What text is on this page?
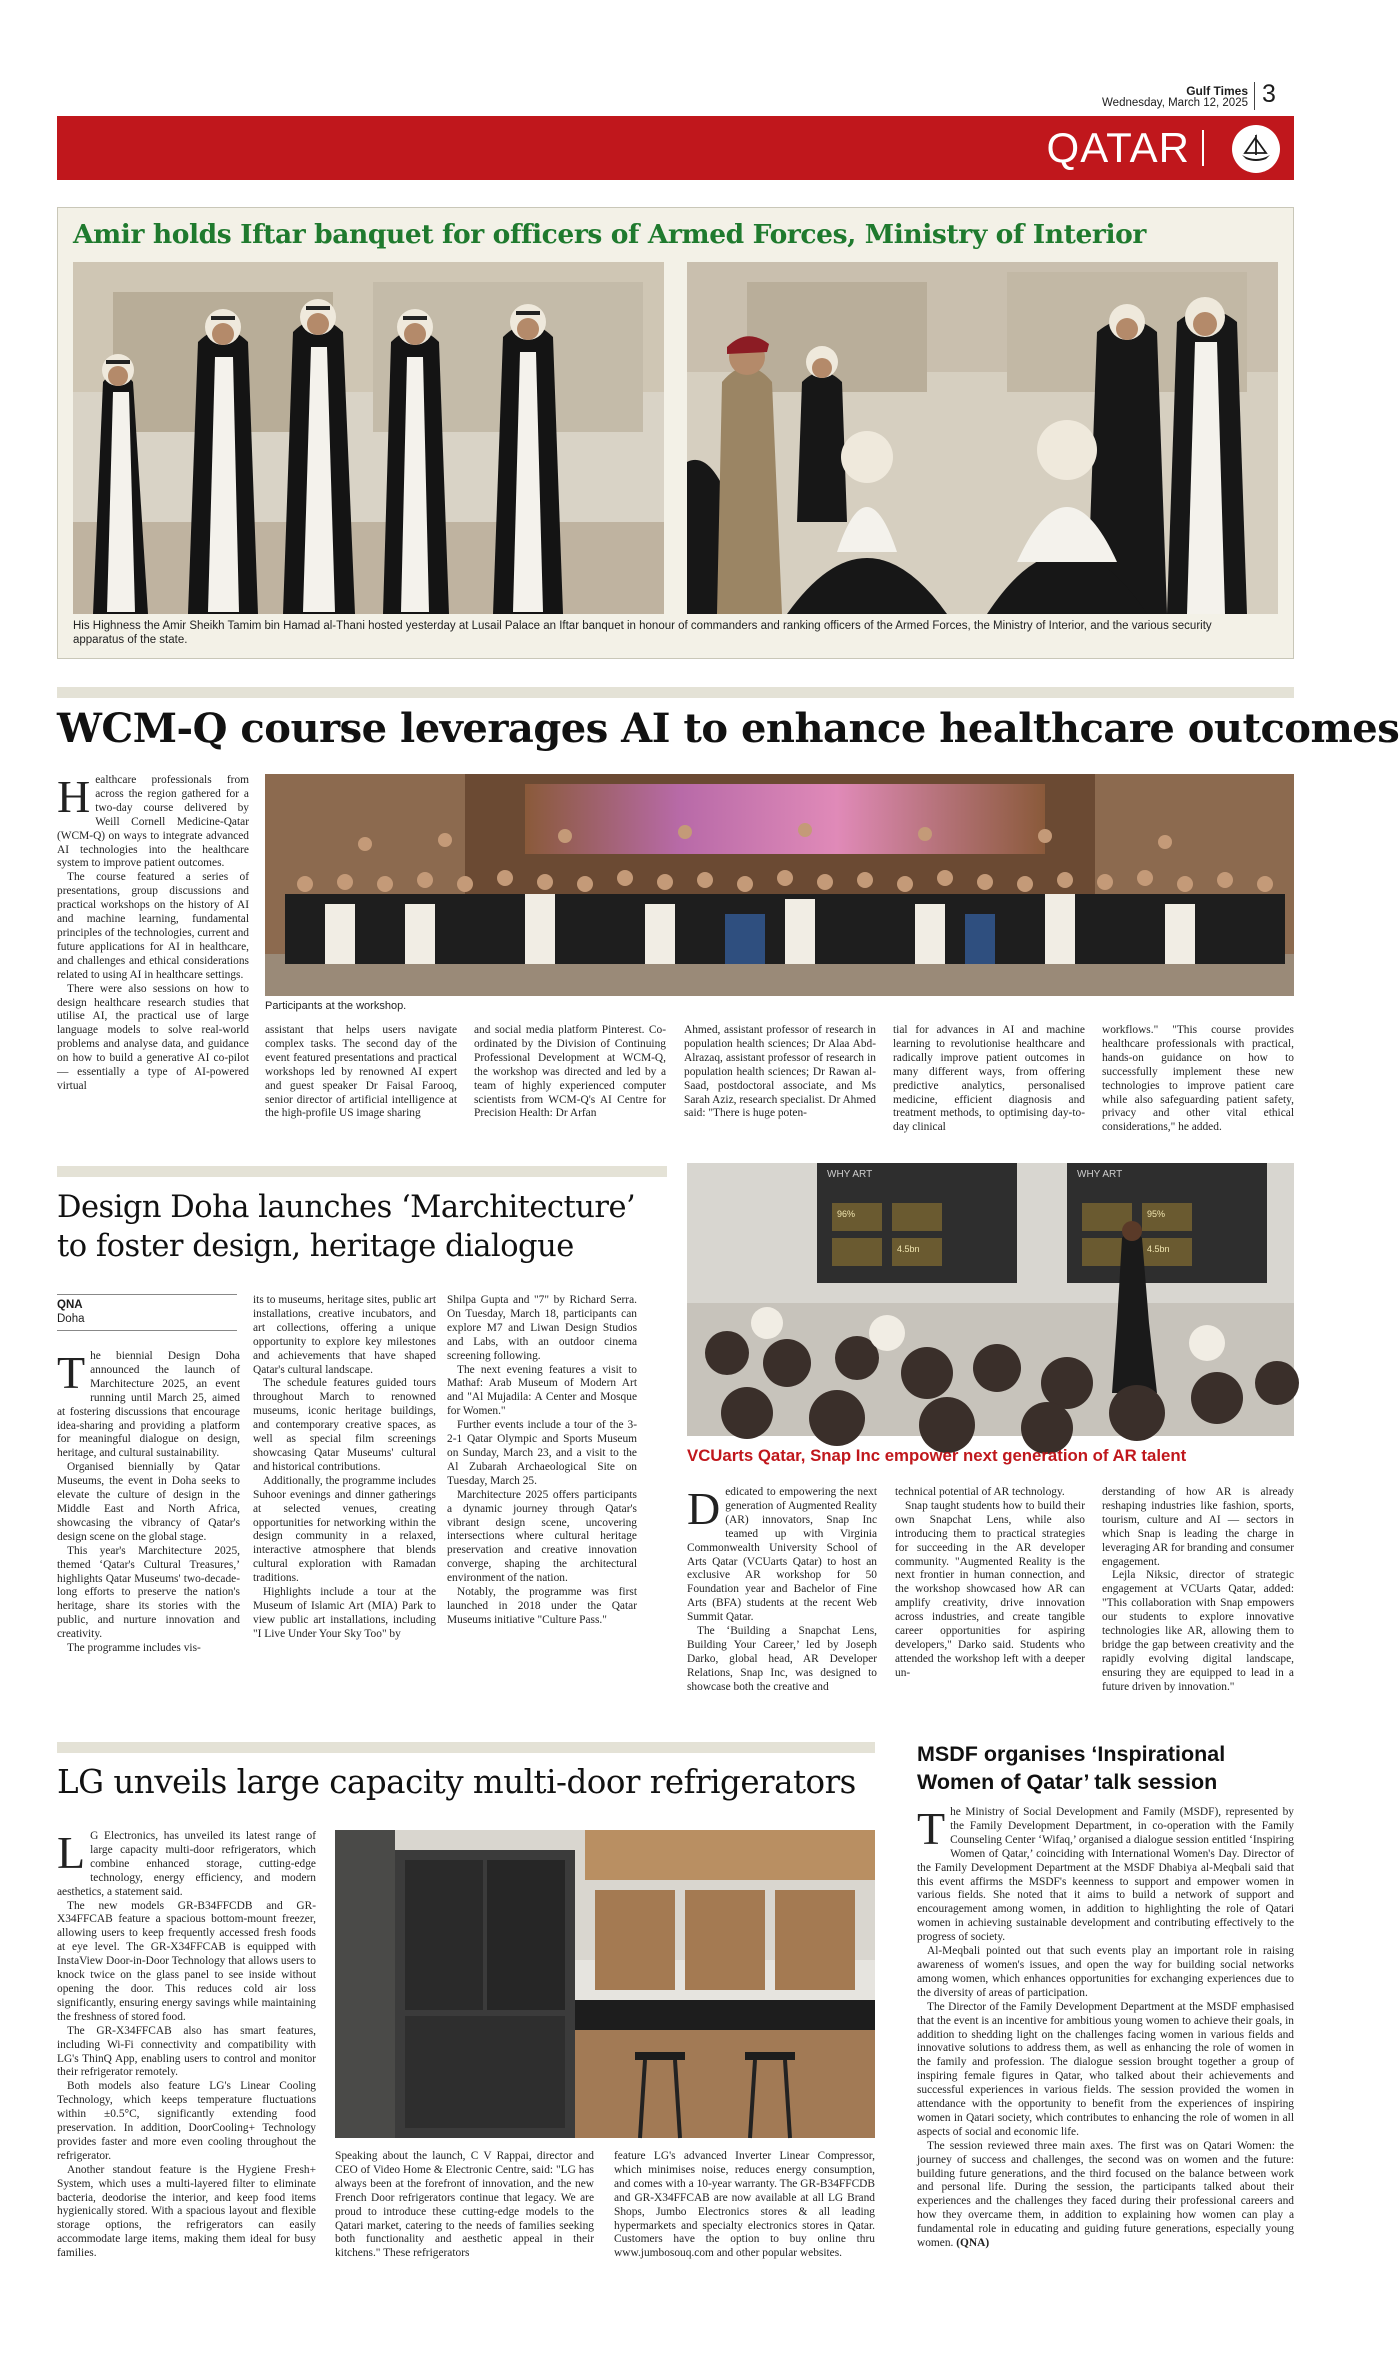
Gulf Times
Wednesday, March 12, 2025 3
QATAR
Amir holds Iftar banquet for officers of Armed Forces, Ministry of Interior
His Highness the Amir Sheikh Tamim bin Hamad al-Thani hosted yesterday at Lusail Palace an Iftar banquet in honour of commanders and ranking officers of the Armed Forces, the Ministry of Interior, and the various security apparatus of the state.
WCM-Q course leverages AI to enhance healthcare outcomes

Healthcare professionals from across the region gathered for a two-day course delivered by Weill Cornell Medicine-Qatar (WCM-Q) on ways to integrate advanced AI technologies into the healthcare system to improve patient outcomes.

The course featured a series of presentations, group discussions and practical workshops on the history of AI and machine learning, fundamental principles of the technologies, current and future applications for AI in healthcare, and challenges and ethical considerations related to using AI in healthcare settings.

There were also sessions on how to design healthcare research studies that utilise AI, the practical use of large language models to solve real-world problems and analyse data, and guidance on how to build a generative AI co-pilot — essentially a type of AI-powered virtual

Participants at the workshop.

assistant that helps users navigate complex tasks. The second day of the event featured presentations and practical workshops led by renowned AI expert and guest speaker Dr Faisal Farooq, senior director of artificial intelligence at the high-profile US image sharing

and social media platform Pinterest. Co-ordinated by the Division of Continuing Professional Development at WCM-Q, the workshop was directed and led by a team of highly experienced computer scientists from WCM-Q's AI Centre for Precision Health: Dr Arfan

Ahmed, assistant professor of research in population health sciences; Dr Alaa Abd-Alrazaq, assistant professor of research in population health sciences; Dr Rawan al-Saad, postdoctoral associate, and Ms Sarah Aziz, research specialist. Dr Ahmed said: "There is huge poten-

tial for advances in AI and machine learning to revolutionise healthcare and radically improve patient outcomes in many different ways, from offering predictive analytics, personalised medicine, efficient diagnosis and treatment methods, to optimising day-to-day clinical

workflows." "This course provides healthcare professionals with practical, hands-on guidance on how to successfully implement these new technologies to improve patient care while also safeguarding patient safety, privacy and other vital ethical considerations," he added.

Design Doha launches ‘Marchitecture’ to foster design, heritage dialogue
QNA
Doha

The biennial Design Doha announced the launch of Marchitecture 2025, an event running until March 25, aimed at fostering discussions that encourage idea-sharing and providing a platform for meaningful dialogue on design, heritage, and cultural sustainability.

Organised biennially by Qatar Museums, the event in Doha seeks to elevate the culture of design in the Middle East and North Africa, showcasing the vibrancy of Qatar's design scene on the global stage.

This year's Marchitecture 2025, themed ‘Qatar's Cultural Treasures,’ highlights Qatar Museums' two-decade-long efforts to preserve the nation's heritage, share its stories with the public, and nurture innovation and creativity.

The programme includes vis-

its to museums, heritage sites, public art installations, creative incubators, and art collections, offering a unique opportunity to explore key milestones and achievements that have shaped Qatar's cultural landscape.

The schedule features guided tours throughout March to renowned museums, iconic heritage buildings, and contemporary creative spaces, as well as special film screenings showcasing Qatar Museums' cultural and historical contributions.

Additionally, the programme includes Suhoor evenings and dinner gatherings at selected venues, creating opportunities for networking within the design community in a relaxed, interactive atmosphere that blends cultural exploration with Ramadan traditions.

Highlights include a tour at the Museum of Islamic Art (MIA) Park to view public art installations, including "I Live Under Your Sky Too" by

Shilpa Gupta and "7" by Richard Serra. On Tuesday, March 18, participants can explore M7 and Liwan Design Studios and Labs, with an outdoor cinema screening following.

The next evening features a visit to Mathaf: Arab Museum of Modern Art and "Al Mujadila: A Center and Mosque for Women."

Further events include a tour of the 3-2-1 Qatar Olympic and Sports Museum on Sunday, March 23, and a visit to the Al Zubarah Archaeological Site on Tuesday, March 25.

Marchitecture 2025 offers participants a dynamic journey through Qatar's vibrant design scene, uncovering intersections where cultural heritage preservation and creative innovation converge, shaping the architectural environment of the nation.

Notably, the programme was first launched in 2018 under the Qatar Museums initiative "Culture Pass."

WHY ART	WHY ART
96%	95%
4.5bn	4.5bn
VCUarts Qatar, Snap Inc empower next generation of AR talent

Dedicated to empowering the next generation of Augmented Reality (AR) innovators, Snap Inc teamed up with Virginia Commonwealth University School of Arts Qatar (VCUarts Qatar) to host an exclusive AR workshop for 50 Foundation year and Bachelor of Fine Arts (BFA) students at the recent Web Summit Qatar.

The ‘Building a Snapchat Lens, Building Your Career,’ led by Joseph Darko, global head, AR Developer Relations, Snap Inc, was designed to showcase both the creative and

technical potential of AR technology.

Snap taught students how to build their own Snapchat Lens, while also introducing them to practical strategies for succeeding in the AR developer community. "Augmented Reality is the next frontier in human connection, and the workshop showcased how AR can amplify creativity, drive innovation across industries, and create tangible career opportunities for aspiring developers," Darko said. Students who attended the workshop left with a deeper un-

derstanding of how AR is already reshaping industries like fashion, sports, tourism, culture and AI — sectors in which Snap is leading the charge in leveraging AR for branding and consumer engagement.

Lejla Niksic, director of strategic engagement at VCUarts Qatar, added: "This collaboration with Snap empowers our students to explore innovative technologies like AR, allowing them to bridge the gap between creativity and the rapidly evolving digital landscape, ensuring they are equipped to lead in a future driven by innovation."

LG unveils large capacity multi-door refrigerators

L G Electronics, has unveiled its latest range of large capacity multi-door refrigerators, which combine enhanced storage, cutting-edge technology, energy efficiency, and modern aesthetics, a statement said.

The new models GR-B34FFCDB and GR-X34FFCAB feature a spacious bottom-mount freezer, allowing users to keep frequently accessed fresh foods at eye level. The GR-X34FFCAB is equipped with InstaView Door-in-Door Technology that allows users to knock twice on the glass panel to see inside without opening the door. This reduces cold air loss significantly, ensuring energy savings while maintaining the freshness of stored food.

The GR-X34FFCAB also has smart features, including Wi-Fi connectivity and compatibility with LG's ThinQ App, enabling users to control and monitor their refrigerator remotely.

Both models also feature LG's Linear Cooling Technology, which keeps temperature fluctuations within ±0.5°C, significantly extending food preservation. In addition, DoorCooling+ Technology provides faster and more even cooling throughout the refrigerator.

Another standout feature is the Hygiene Fresh+ System, which uses a multi-layered filter to eliminate bacteria, deodorise the interior, and keep food items hygienically stored. With a spacious layout and flexible storage options, the refrigerators can easily accommodate large items, making them ideal for busy families.

Speaking about the launch, C V Rappai, director and CEO of Video Home & Electronic Centre, said: "LG has always been at the forefront of innovation, and the new French Door refrigerators continue that legacy. We are proud to introduce these cutting-edge models to the Qatari market, catering to the needs of families seeking both functionality and aesthetic appeal in their kitchens." These refrigerators

feature LG's advanced Inverter Linear Compressor, which minimises noise, reduces energy consumption, and comes with a 10-year warranty. The GR-B34FFCDB and GR-X34FFCAB are now available at all LG Brand Shops, Jumbo Electronics stores & all leading hypermarkets and specialty electronics stores in Qatar. Customers have the option to buy online thru www.jumbosouq.com and other popular websites.

MSDF organises ‘Inspirational Women of Qatar’ talk session

The Ministry of Social Development and Family (MSDF), represented by the Family Development Department, in co-operation with the Family Counseling Center ‘Wifaq,’ organised a dialogue session entitled ‘Inspiring Women of Qatar,’ coinciding with International Women's Day. Director of the Family Development Department at the MSDF Dhabiya al-Meqbali said that this event affirms the MSDF's keenness to support and empower women in various fields. She noted that it aims to build a network of support and encouragement among women, in addition to highlighting the role of Qatari women in achieving sustainable development and contributing effectively to the progress of society.

Al-Meqbali pointed out that such events play an important role in raising awareness of women's issues, and open the way for building social networks among women, which enhances opportunities for exchanging experiences due to the diversity of areas of participation.

The Director of the Family Development Department at the MSDF emphasised that the event is an incentive for ambitious young women to achieve their goals, in addition to shedding light on the challenges facing women in various fields and innovative solutions to address them, as well as enhancing the role of women in the family and profession. The dialogue session brought together a group of inspiring female figures in Qatar, who talked about their achievements and successful experiences in various fields. The session provided the women in attendance with the opportunity to benefit from the experiences of inspiring women in Qatari society, which contributes to enhancing the role of women in all aspects of social and economic life.

The session reviewed three main axes. The first was on Qatari Women: the journey of success and challenges, the second was on women and the future: building future generations, and the third focused on the balance between work and personal life. During the session, the participants talked about their experiences and the challenges they faced during their professional careers and how they overcame them, in addition to explaining how women can play a fundamental role in educating and guiding future generations, especially young women. (QNA)
